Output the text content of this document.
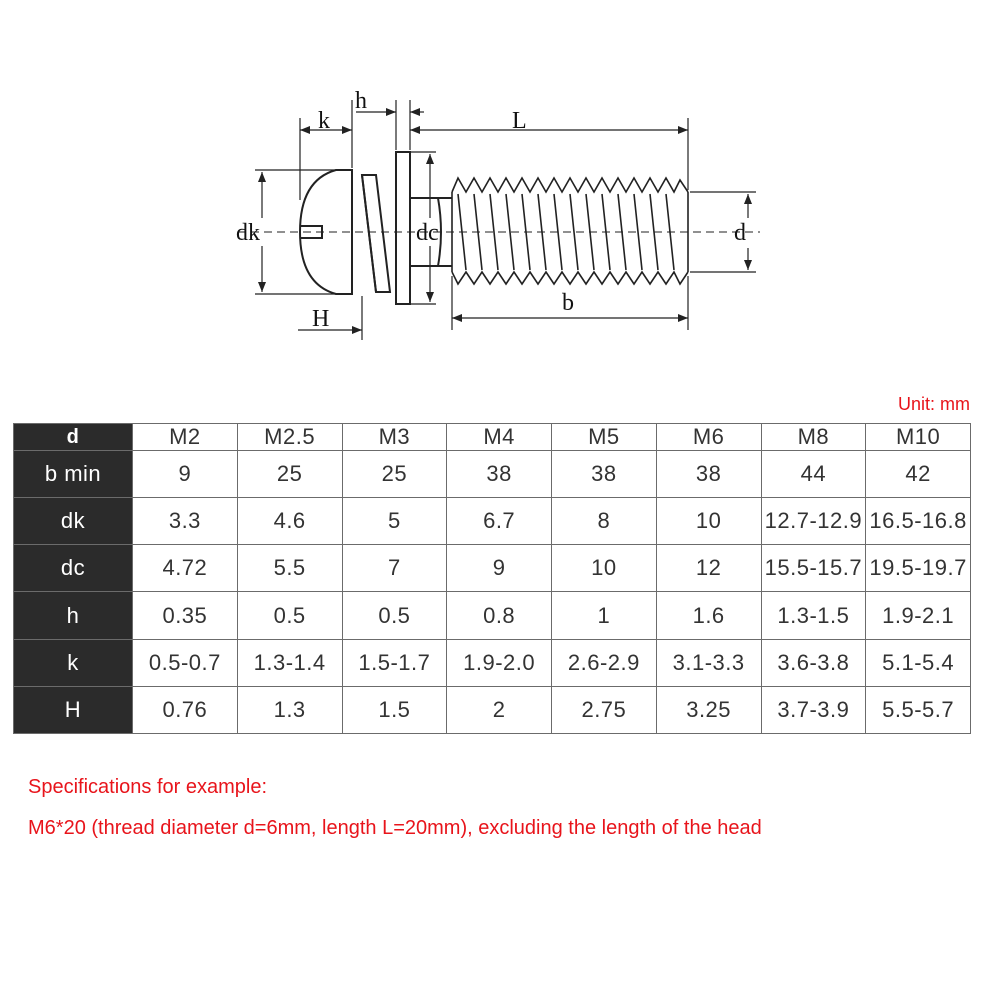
k
h
L
dk	dc	d
H
b
Unit: mm
d	M2	M2.5	M3	M4	M5	M6	M8	M10
b min	9	25	25	38	38	38	44	42
dk	3.3	4.6	5	6.7	8	10	12.7-12.9	16.5-16.8
dc	4.72	5.5	7	9	10	12	15.5-15.7	19.5-19.7
h	0.35	0.5	0.5	0.8	1	1.6	1.3-1.5	1.9-2.1
k	0.5-0.7	1.3-1.4	1.5-1.7	1.9-2.0	2.6-2.9	3.1-3.3	3.6-3.8	5.1-5.4
H	0.76	1.3	1.5	2	2.75	3.25	3.7-3.9	5.5-5.7
Specifications for example:
M6*20 (thread diameter d=6mm, length L=20mm), excluding the length of the head
